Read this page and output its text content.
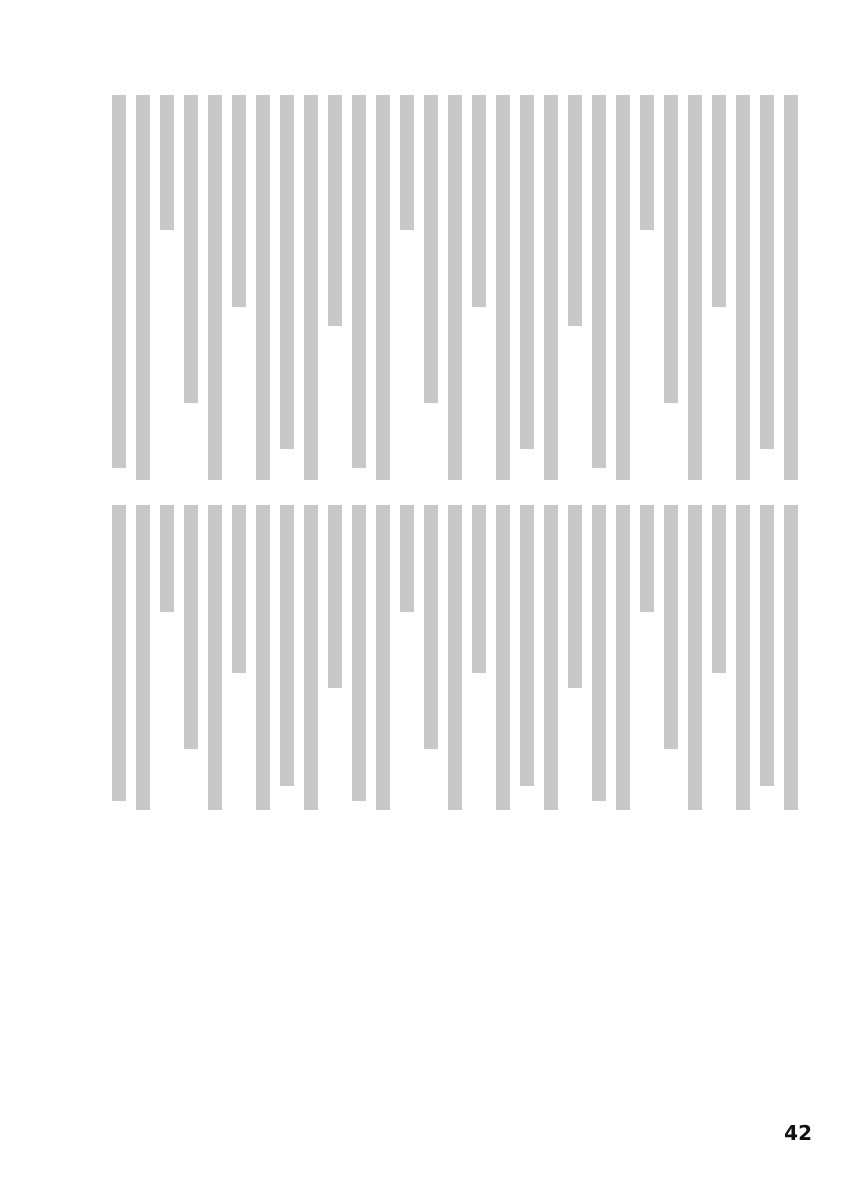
42
